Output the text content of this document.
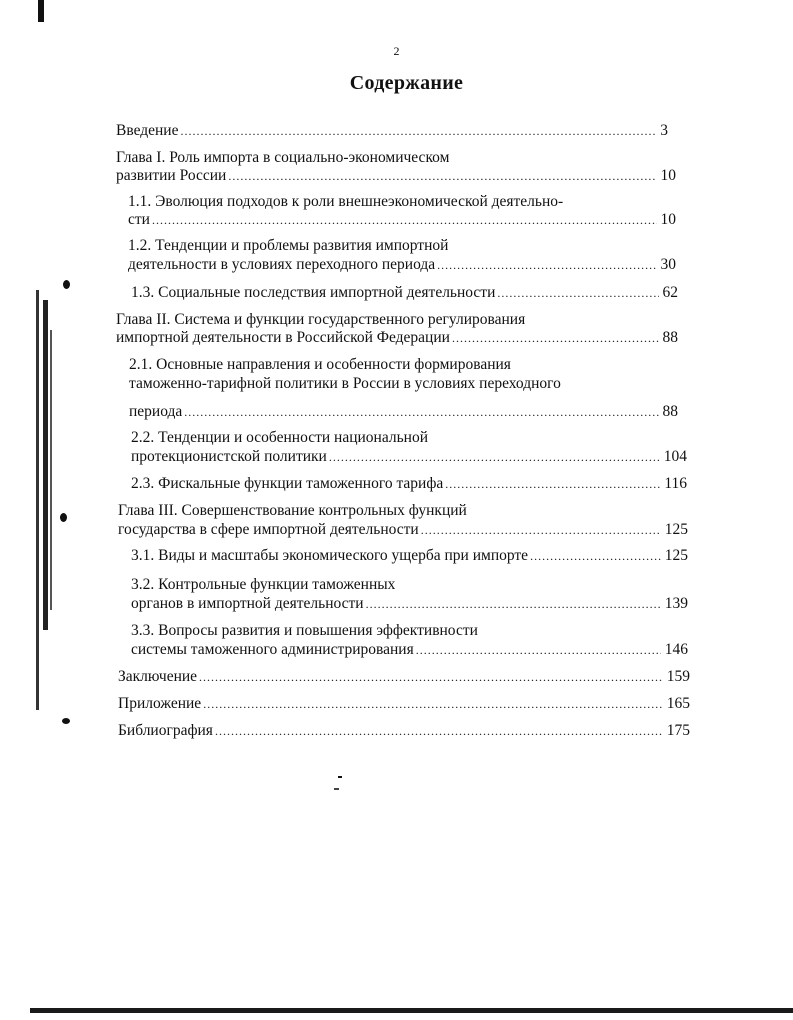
2
Содержание
Введение .....	3
Глава I. Роль импорта в социально-экономическом
развитии России .....	10
1.1. Эволюция подходов к роли внешнеэкономической деятельно-
сти .....	10
1.2. Тенденции и проблемы развития импортной
деятельности в условиях переходного периода .....	30
1.3. Социальные последствия импортной деятельности .....	62
Глава II. Система и функции государственного регулирования
импортной деятельности в Российской Федерации .....	88
2.1. Основные направления и особенности формирования
таможенно-тарифной политики в России в условиях переходного
периода .....	88
2.2. Тенденции и особенности национальной
протекционистской политики .....	104
2.3. Фискальные функции таможенного тарифа .....	116
Глава III. Совершенствование контрольных функций
государства в сфере импортной деятельности .....	125
3.1. Виды и масштабы экономического ущерба при импорте .....	125
3.2. Контрольные функции таможенных
органов в импортной деятельности .....	139
3.3. Вопросы развития и повышения эффективности
системы таможенного администрирования .....	146
Заключение .....	159
Приложение .....	165
Библиография .....	175
